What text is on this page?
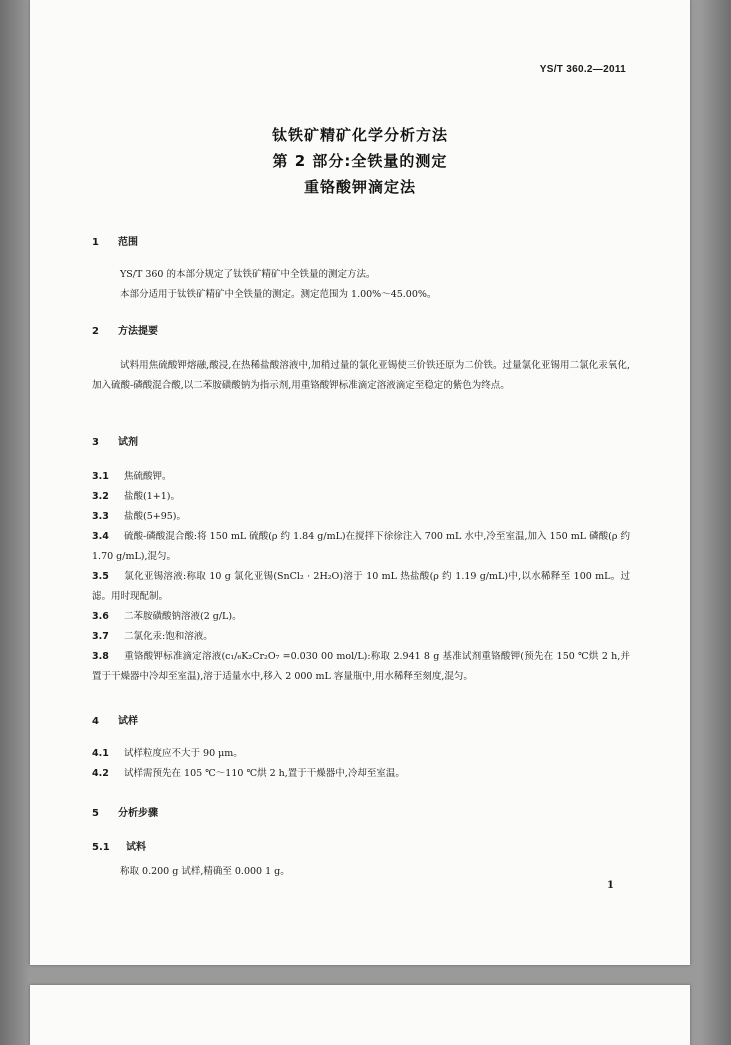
YS/T 360.2—2011
钛铁矿精矿化学分析方法
第 2 部分:全铁量的测定
重铬酸钾滴定法
1 范围
YS/T 360 的本部分规定了钛铁矿精矿中全铁量的测定方法。
本部分适用于钛铁矿精矿中全铁量的测定。测定范围为 1.00%～45.00%。
2 方法提要
试料用焦硫酸钾熔融,酸浸,在热稀盐酸溶液中,加稍过量的氯化亚锡使三价铁还原为二价铁。过量氯化亚锡用二氯化汞氧化,加入硫酸-磷酸混合酸,以二苯胺磺酸钠为指示剂,用重铬酸钾标准滴定溶液滴定至稳定的紫色为终点。
3 试剂
3.1 焦硫酸钾。
3.2 盐酸(1+1)。
3.3 盐酸(5+95)。
3.4 硫酸-磷酸混合酸:将 150 mL 硫酸(ρ 约 1.84 g/mL)在搅拌下徐徐注入 700 mL 水中,冷至室温,加入 150 mL 磷酸(ρ 约 1.70 g/mL),混匀。
3.5 氯化亚锡溶液:称取 10 g 氯化亚锡(SnCl₂ · 2H₂O)溶于 10 mL 热盐酸(ρ 约 1.19 g/mL)中,以水稀释至 100 mL。过滤。用时现配制。
3.6 二苯胺磺酸钠溶液(2 g/L)。
3.7 二氯化汞:饱和溶液。
3.8 重铬酸钾标准滴定溶液(c₁/₆K₂Cr₂O₇ =0.030 00 mol/L):称取 2.941 8 g 基准试剂重铬酸钾(预先在 150 ℃烘 2 h,并置于干燥器中冷却至室温),溶于适量水中,移入 2 000 mL 容量瓶中,用水稀释至刻度,混匀。
4 试样
4.1 试样粒度应不大于 90 μm。
4.2 试样需预先在 105 ℃～110 ℃烘 2 h,置于干燥器中,冷却至室温。
5 分析步骤
5.1 试料
称取 0.200 g 试样,精确至 0.000 1 g。
1
